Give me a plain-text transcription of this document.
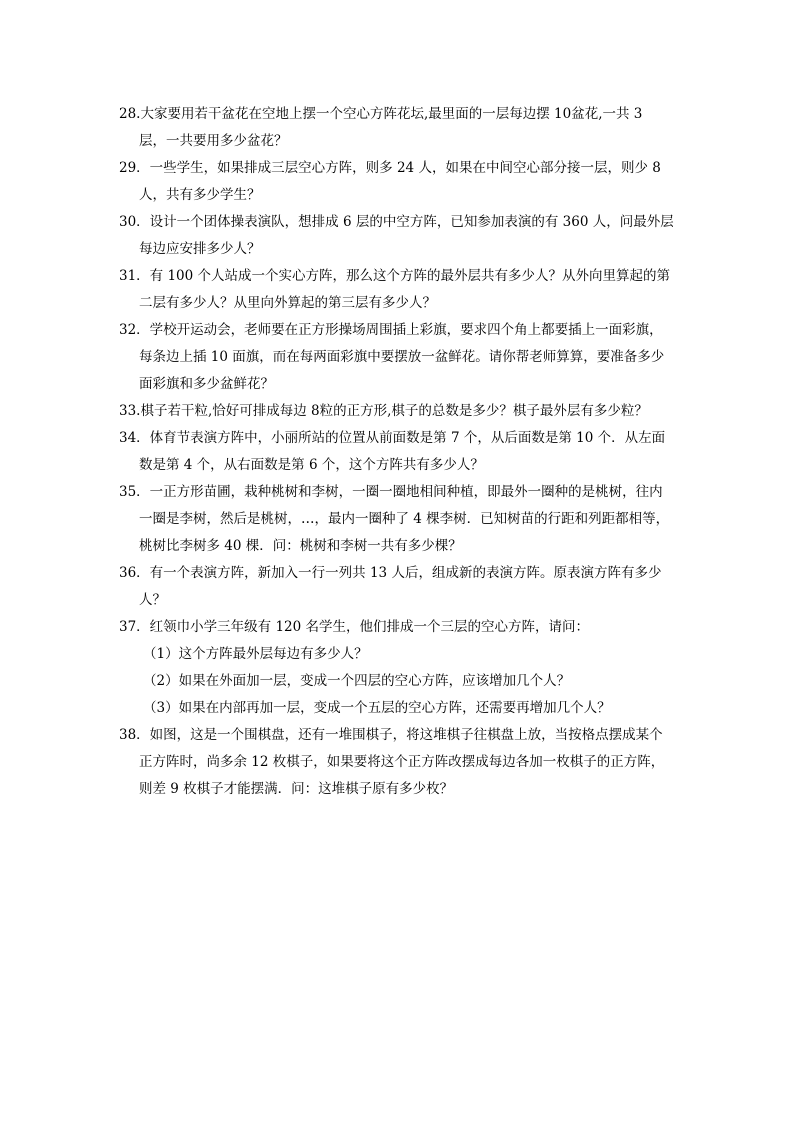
28.大家要用若干盆花在空地上摆一个空心方阵花坛,最里面的一层每边摆 10盆花,一共 3
层，一共要用多少盆花？
29．一些学生，如果排成三层空心方阵，则多 24 人，如果在中间空心部分接一层，则少 8
人，共有多少学生？
30．设计一个团体操表演队，想排成 6 层的中空方阵，已知参加表演的有 360 人，问最外层
每边应安排多少人？
31．有 100 个人站成一个实心方阵，那么这个方阵的最外层共有多少人？从外向里算起的第
二层有多少人？从里向外算起的第三层有多少人？
32．学校开运动会，老师要在正方形操场周围插上彩旗，要求四个角上都要插上一面彩旗，
每条边上插 10 面旗，而在每两面彩旗中要摆放一盆鲜花。请你帮老师算算，要准备多少
面彩旗和多少盆鲜花？
33.棋子若干粒,恰好可排成每边 8粒的正方形,棋子的总数是多少？棋子最外层有多少粒？
34．体育节表演方阵中，小丽所站的位置从前面数是第 7 个，从后面数是第 10 个．从左面
数是第 4 个，从右面数是第 6 个，这个方阵共有多少人？
35．一正方形苗圃，栽种桃树和李树，一圈一圈地相间种植，即最外一圈种的是桃树，往内
一圈是李树，然后是桃树，…，最内一圈种了 4 棵李树．已知树苗的行距和列距都相等，
桃树比李树多 40 棵．问：桃树和李树一共有多少棵？
36．有一个表演方阵，新加入一行一列共 13 人后，组成新的表演方阵。原表演方阵有多少
人？
37．红领巾小学三年级有 120 名学生，他们排成一个三层的空心方阵，请问：
（1）这个方阵最外层每边有多少人？
（2）如果在外面加一层，变成一个四层的空心方阵，应该增加几个人？
（3）如果在内部再加一层，变成一个五层的空心方阵，还需要再增加几个人？
38．如图，这是一个围棋盘，还有一堆围棋子，将这堆棋子往棋盘上放，当按格点摆成某个
正方阵时，尚多余 12 枚棋子，如果要将这个正方阵改摆成每边各加一枚棋子的正方阵，
则差 9 枚棋子才能摆满．问：这堆棋子原有多少枚？
